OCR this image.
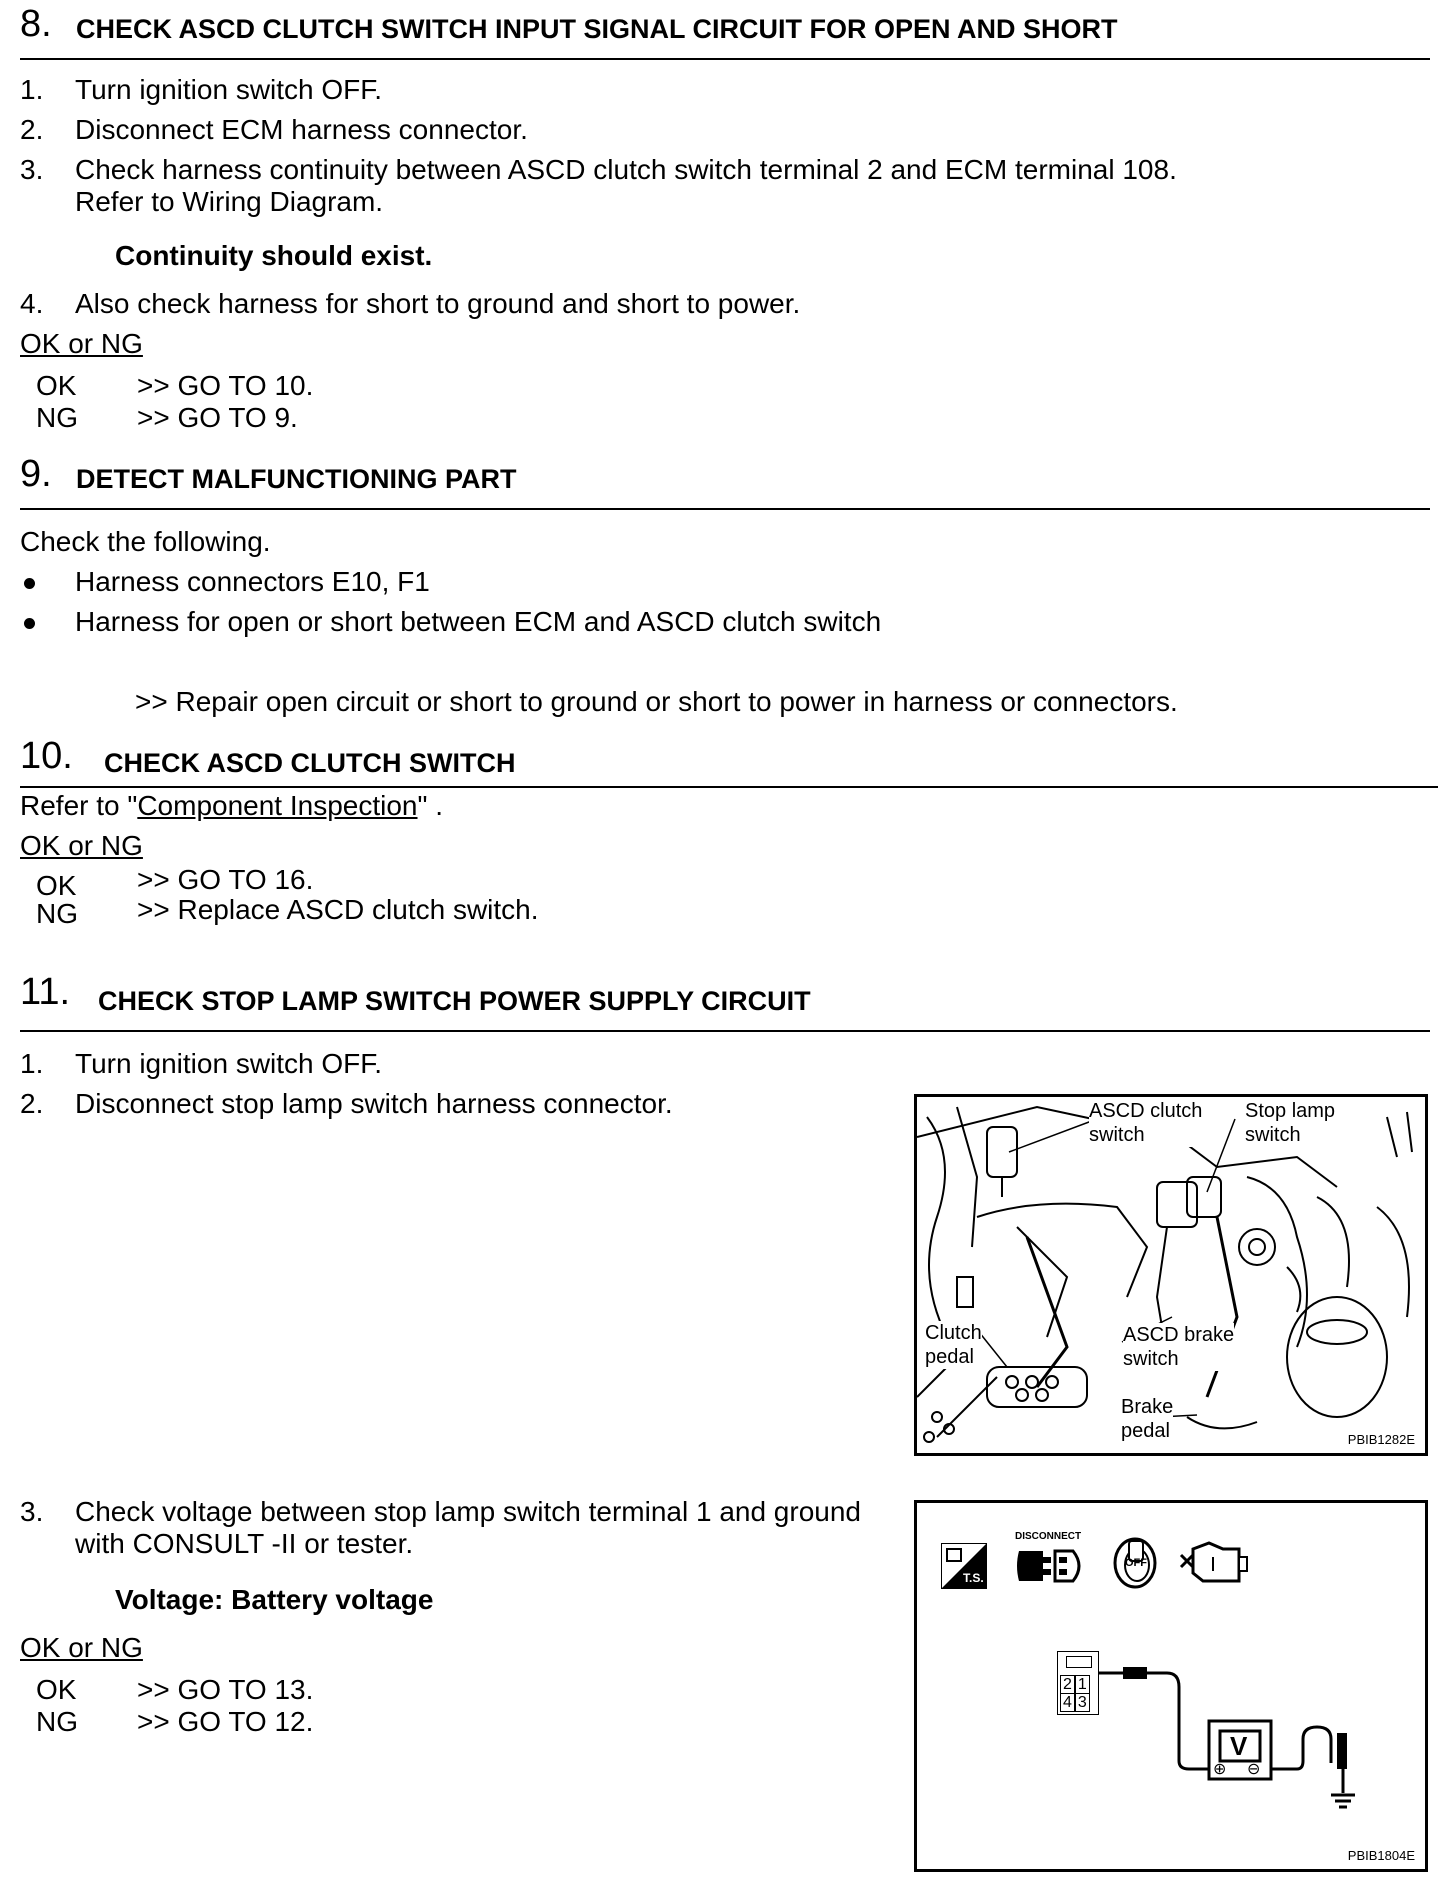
8. CHECK ASCD CLUTCH SWITCH INPUT SIGNAL CIRCUIT FOR OPEN AND SHORT
1. Turn ignition switch OFF.
2. Disconnect ECM harness connector.
3. Check harness continuity between ASCD clutch switch terminal 2 and ECM terminal 108.
Refer to Wiring Diagram.
Continuity should exist.
4. Also check harness for short to ground and short to power.
OK or NG
OK >> GO TO 10.
NG >> GO TO 9.
9. DETECT MALFUNCTIONING PART
Check the following.
Harness connectors E10, F1
Harness for open or short between ECM and ASCD clutch switch
>> Repair open circuit or short to ground or short to power in harness or connectors.
10. CHECK ASCD CLUTCH SWITCH
Refer to "Component Inspection" .
OK or NG
OK >> GO TO 16.
NG >> Replace ASCD clutch switch.
11. CHECK STOP LAMP SWITCH POWER SUPPLY CIRCUIT
1. Turn ignition switch OFF.
2. Disconnect stop lamp switch harness connector.
3. Check voltage between stop lamp switch terminal 1 and ground
with CONSULT -II or tester.
Voltage: Battery voltage
OK or NG
OK >> GO TO 13.
NG >> GO TO 12.
ASCD clutch
switch
Stop lamp
switch
Clutch
pedal
ASCD brake
switch
Brake
pedal	PBIB1282E
T.S.
DISCONNECT
OFF
2 1
4 3
V
⊕ ⊖
PBIB1804E
